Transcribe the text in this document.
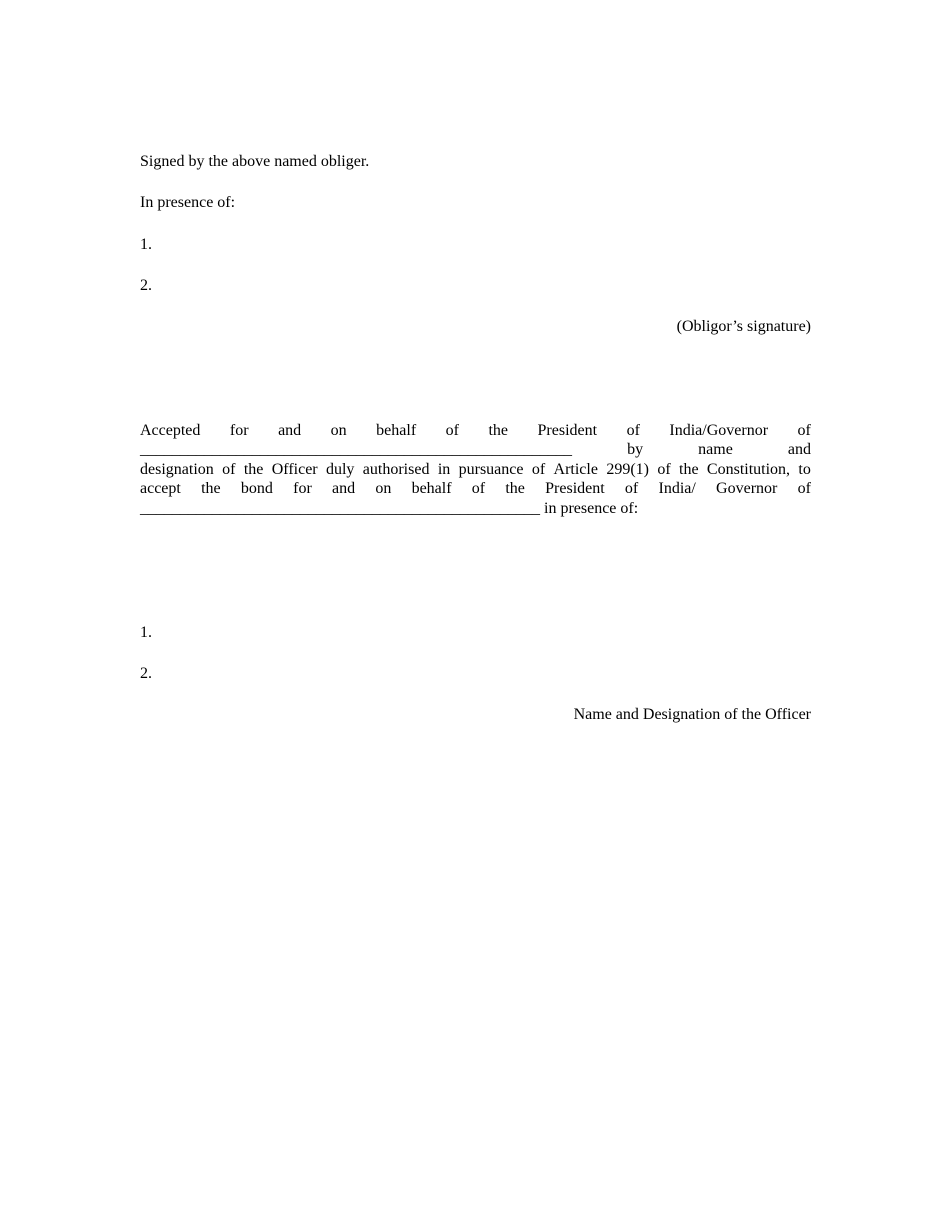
Signed by the above named obliger.
In presence of:
1.
2.
(Obligor’s signature)
Accepted for and on behalf of the President of India/Governor of
______________________________________________________	by	name	and
designation of the Officer duly authorised in pursuance of Article 299(1) of the Constitution, to
accept the bond for and on behalf of the President of India/ Governor of
__________________________________________________ in presence of:
1.
2.
Name and Designation of the Officer
